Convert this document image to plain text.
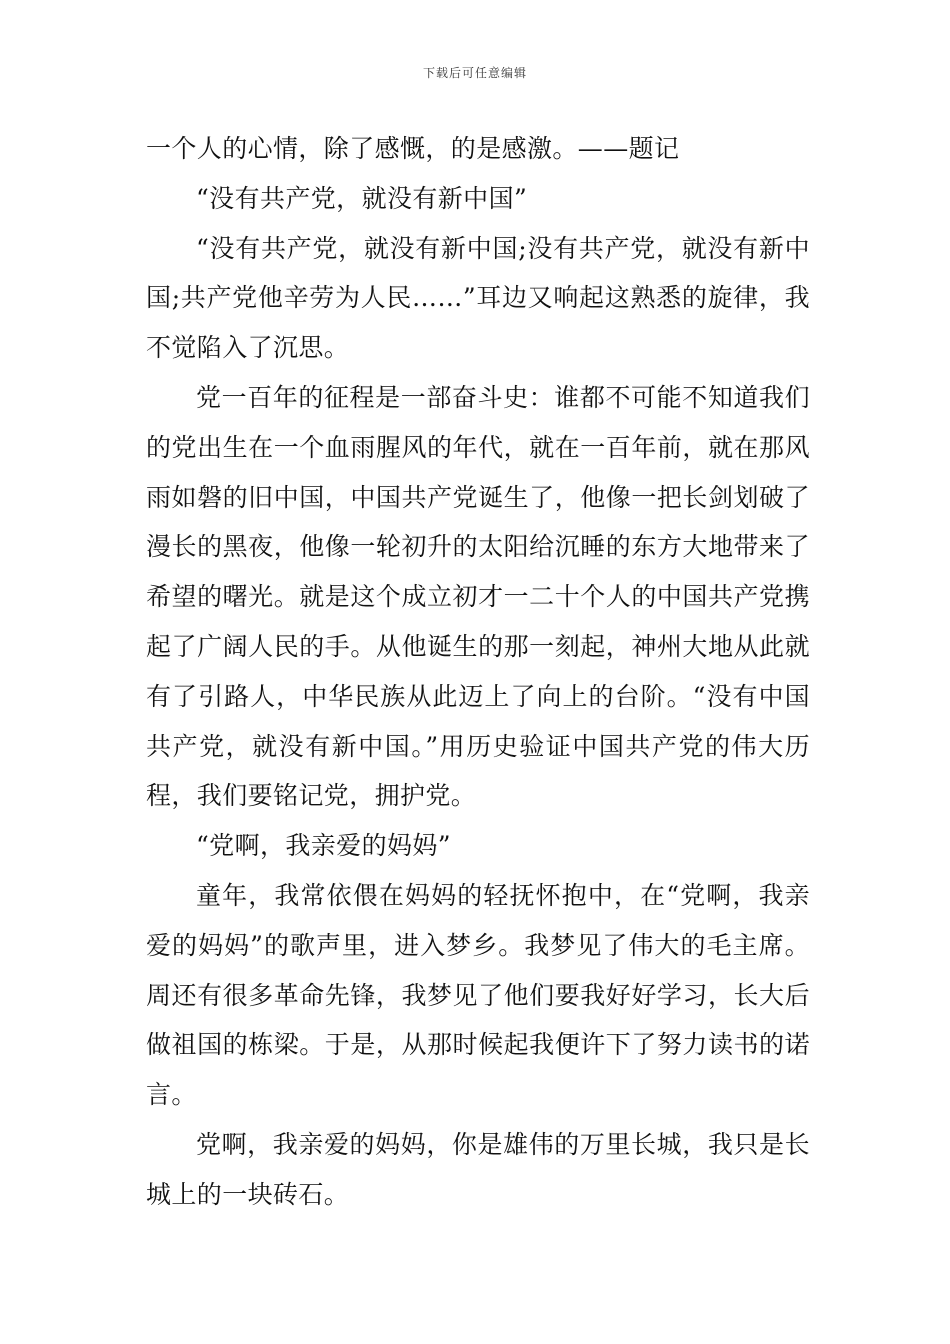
下载后可任意编辑

一个人的心情，除了感慨，的是感激。——题记

“没有共产党，就没有新中国”

“没有共产党，就没有新中国;没有共产党，就没有新中国;共产党他辛劳为人民……”耳边又响起这熟悉的旋律，我不觉陷入了沉思。

党一百年的征程是一部奋斗史：谁都不可能不知道我们的党出生在一个血雨腥风的年代，就在一百年前，就在那风雨如磐的旧中国，中国共产党诞生了，他像一把长剑划破了漫长的黑夜，他像一轮初升的太阳给沉睡的东方大地带来了希望的曙光。就是这个成立初才一二十个人的中国共产党携起了广阔人民的手。从他诞生的那一刻起，神州大地从此就有了引路人，中华民族从此迈上了向上的台阶。“没有中国共产党，就没有新中国。”用历史验证中国共产党的伟大历程，我们要铭记党，拥护党。

“党啊，我亲爱的妈妈”

童年，我常依偎在妈妈的轻抚怀抱中，在“党啊，我亲爱的妈妈”的歌声里，进入梦乡。我梦见了伟大的毛主席。周还有很多革命先锋，我梦见了他们要我好好学习，长大后做祖国的栋梁。于是，从那时候起我便许下了努力读书的诺言。

党啊，我亲爱的妈妈，你是雄伟的万里长城，我只是长城上的一块砖石。
